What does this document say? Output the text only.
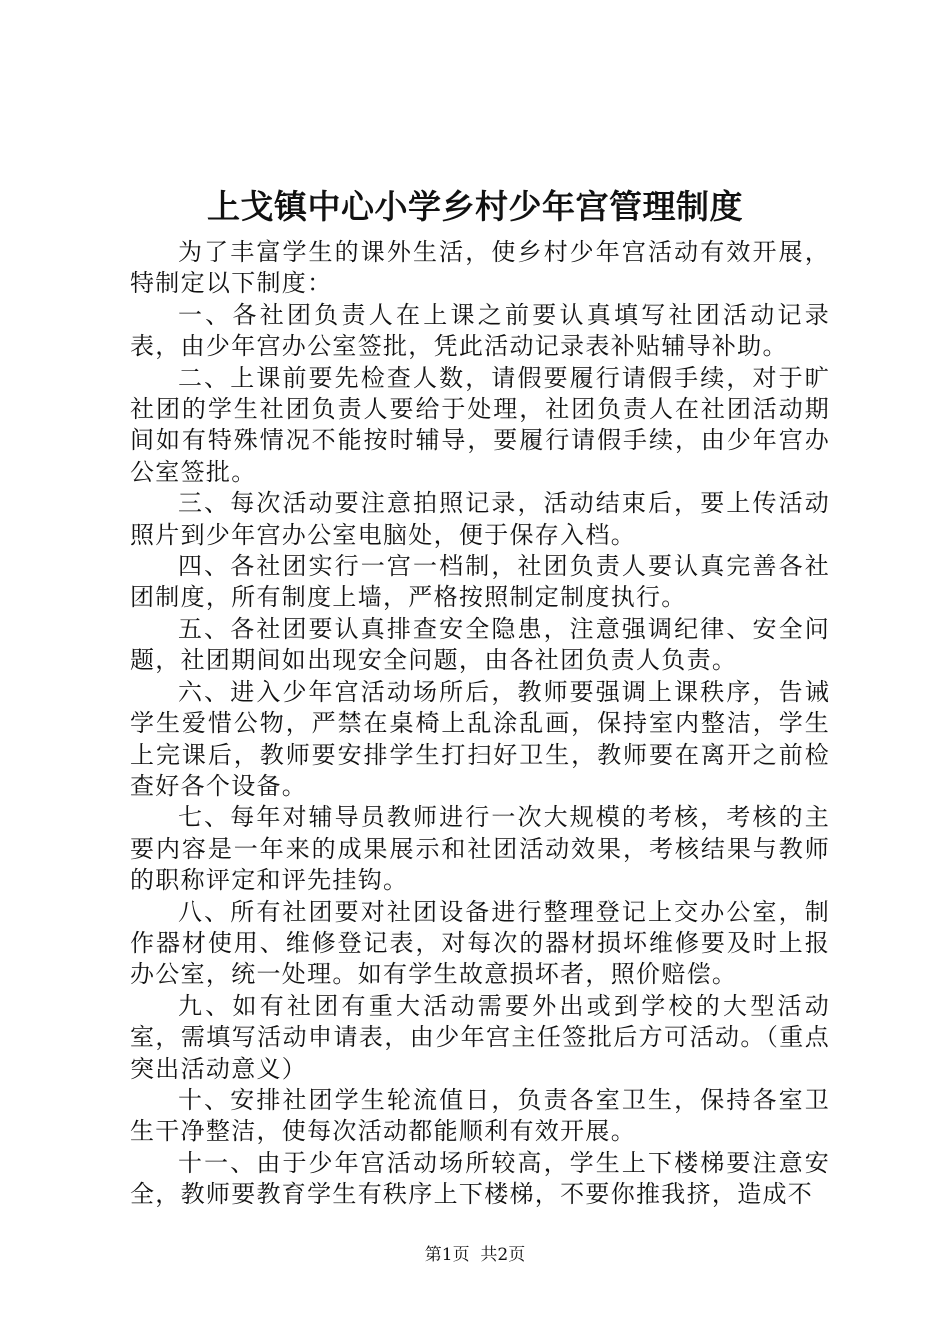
上戈镇中心小学乡村少年宫管理制度

为了丰富学生的课外生活，使乡村少年宫活动有效开展，特制定以下制度：

一、各社团负责人在上课之前要认真填写社团活动记录表，由少年宫办公室签批，凭此活动记录表补贴辅导补助。

二、上课前要先检查人数，请假要履行请假手续，对于旷社团的学生社团负责人要给于处理，社团负责人在社团活动期间如有特殊情况不能按时辅导，要履行请假手续，由少年宫办公室签批。

三、每次活动要注意拍照记录，活动结束后，要上传活动照片到少年宫办公室电脑处，便于保存入档。

四、各社团实行一宫一档制，社团负责人要认真完善各社团制度，所有制度上墙，严格按照制定制度执行。

五、各社团要认真排查安全隐患，注意强调纪律、安全问题，社团期间如出现安全问题，由各社团负责人负责。

六、进入少年宫活动场所后，教师要强调上课秩序，告诫学生爱惜公物，严禁在桌椅上乱涂乱画，保持室内整洁，学生上完课后，教师要安排学生打扫好卫生，教师要在离开之前检查好各个设备。

七、每年对辅导员教师进行一次大规模的考核，考核的主要内容是一年来的成果展示和社团活动效果，考核结果与教师的职称评定和评先挂钩。

八、所有社团要对社团设备进行整理登记上交办公室，制作器材使用、维修登记表，对每次的器材损坏维修要及时上报办公室，统一处理。如有学生故意损坏者，照价赔偿。

九、如有社团有重大活动需要外出或到学校的大型活动室，需填写活动申请表，由少年宫主任签批后方可活动。（重点突出活动意义）

十、安排社团学生轮流值日，负责各室卫生，保持各室卫生干净整洁，使每次活动都能顺利有效开展。

十一、由于少年宫活动场所较高，学生上下楼梯要注意安全，教师要教育学生有秩序上下楼梯，不要你推我挤，造成不

第1页  共2页
